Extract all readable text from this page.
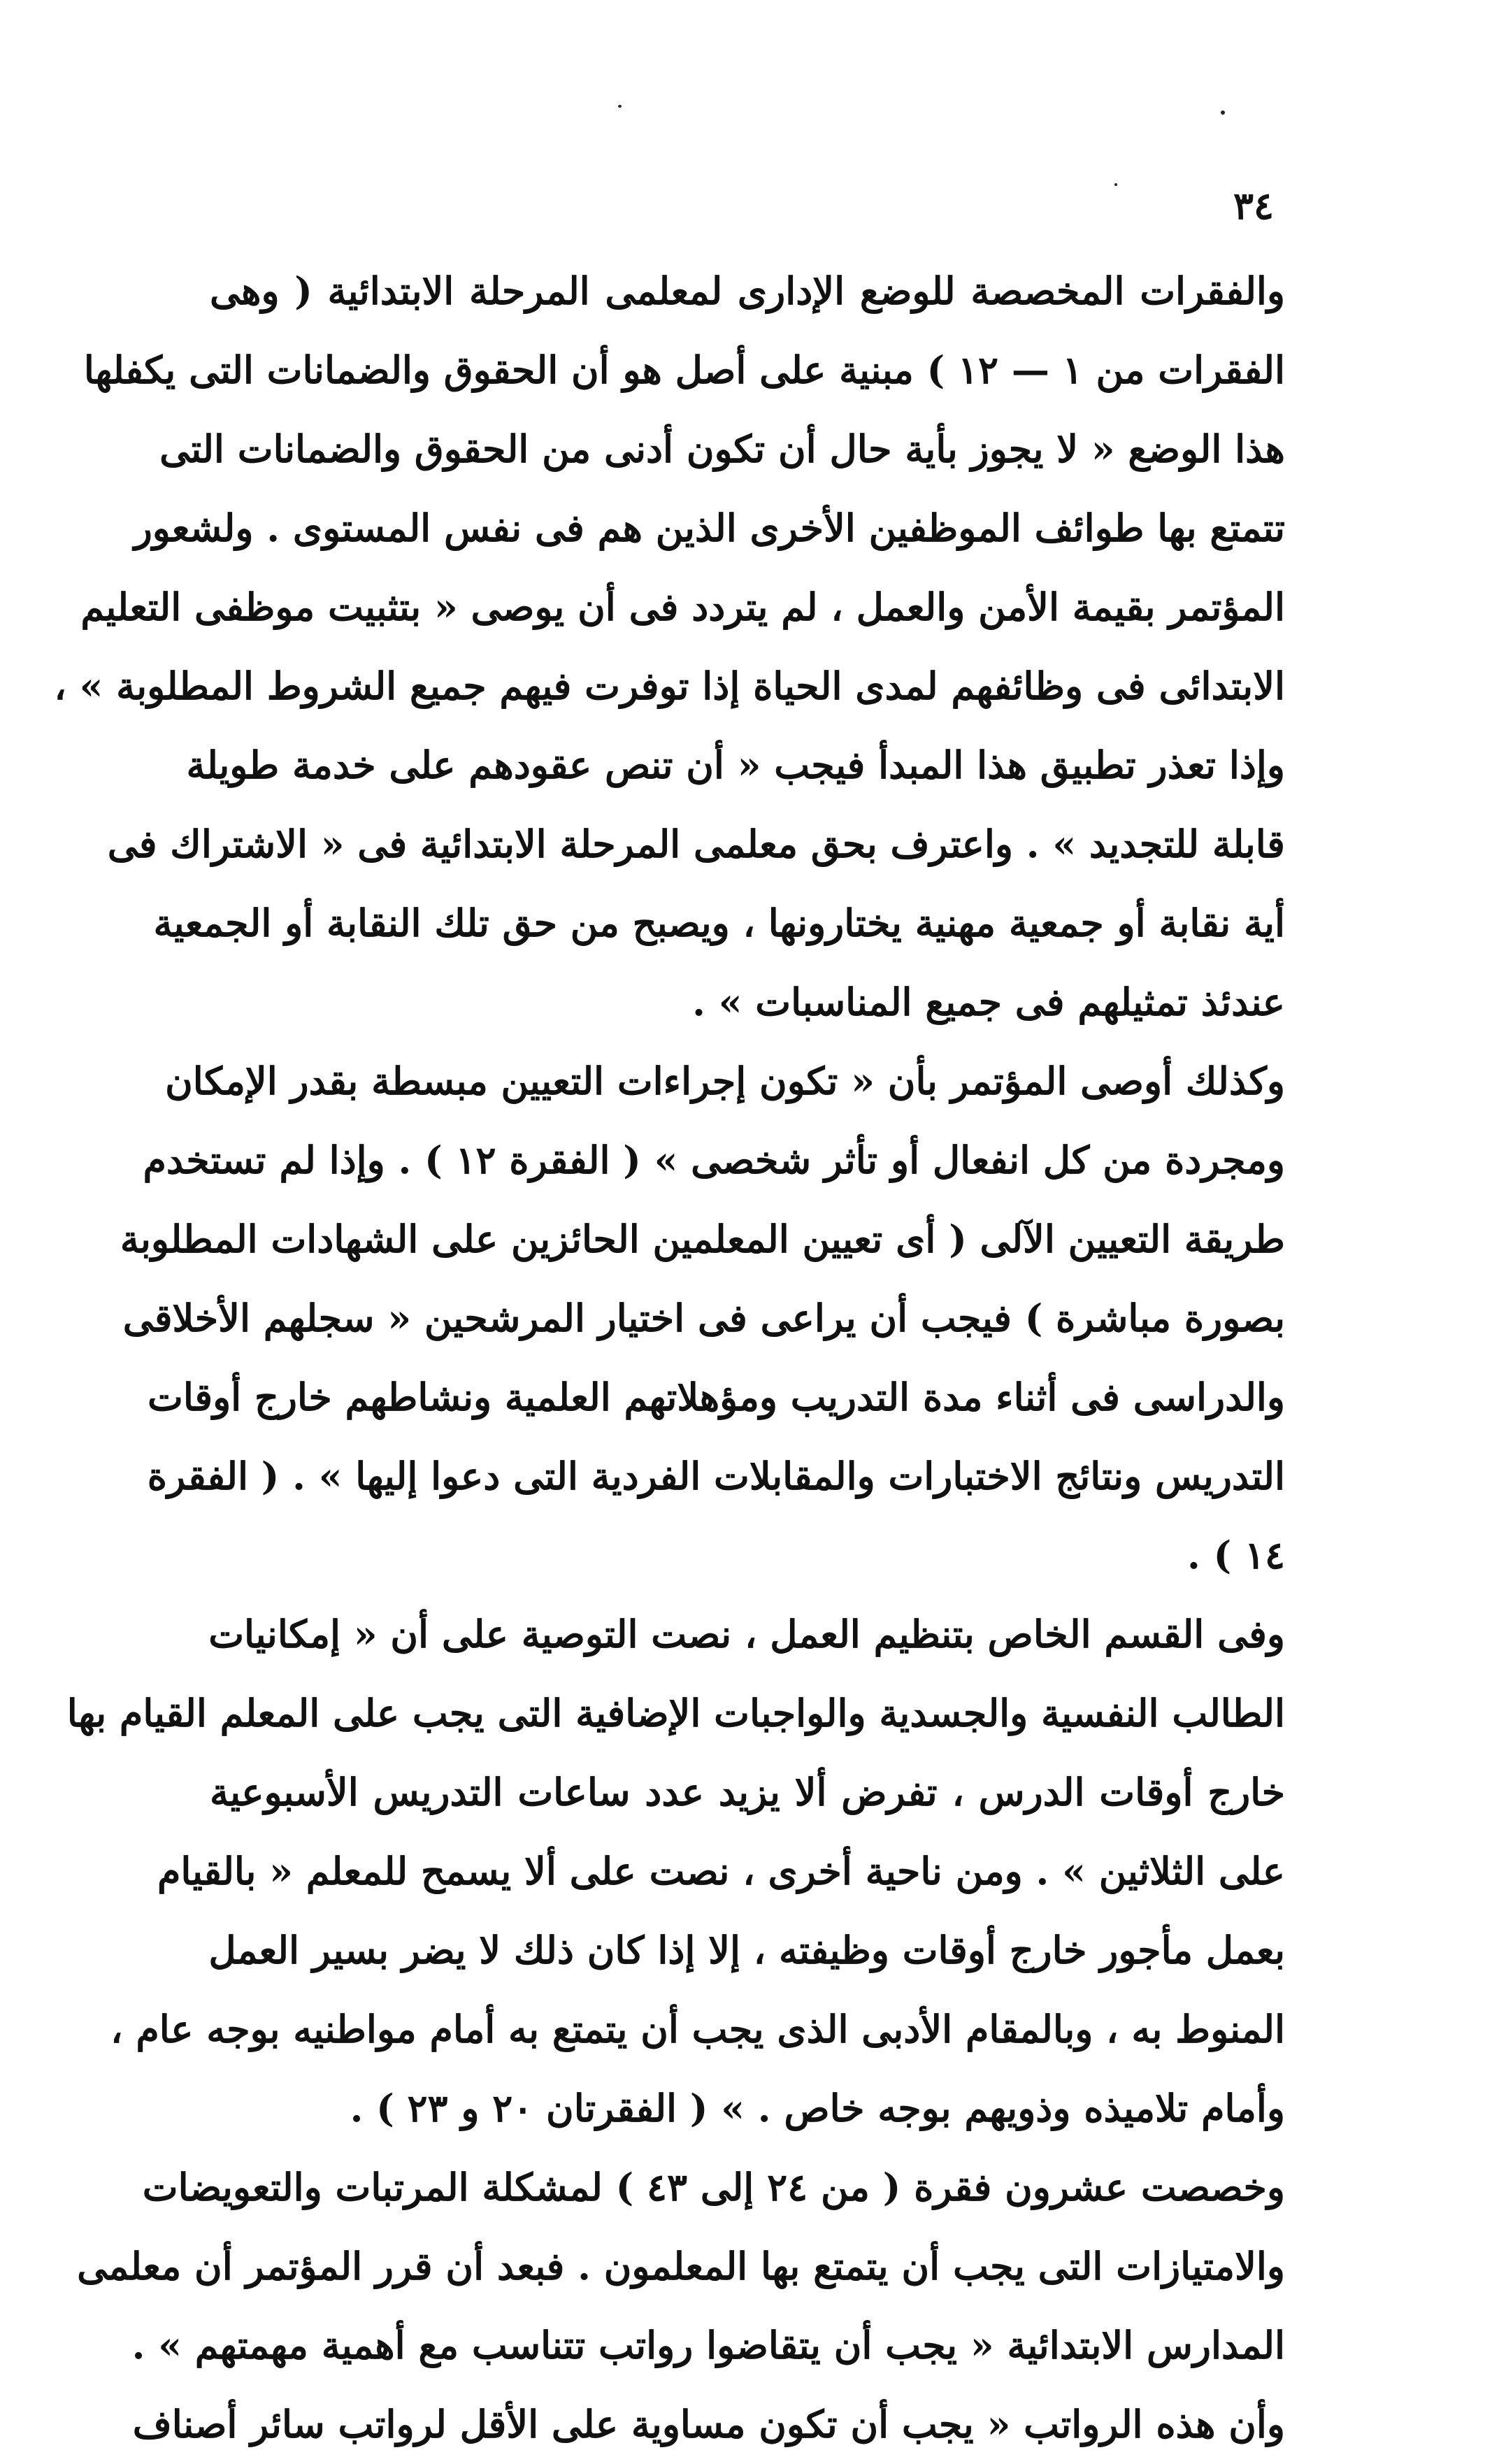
٣٤
والفقرات المخصصة للوضع الإدارى لمعلمى المرحلة الابتدائية ( وهى
الفقرات من ١ — ١٢ ) مبنية على أصل هو أن الحقوق والضمانات التى يكفلها
هذا الوضع « لا يجوز بأية حال أن تكون أدنى من الحقوق والضمانات التى
تتمتع بها طوائف الموظفين الأخرى الذين هم فى نفس المستوى . ولشعور
المؤتمر بقيمة الأمن والعمل ، لم يتردد فى أن يوصى « بتثبيت موظفى التعليم
الابتدائى فى وظائفهم لمدى الحياة إذا توفرت فيهم جميع الشروط المطلوبة » ،
وإذا تعذر تطبيق هذا المبدأ فيجب « أن تنص عقودهم على خدمة طويلة
قابلة للتجديد » . واعترف بحق معلمى المرحلة الابتدائية فى « الاشتراك فى
أية نقابة أو جمعية مهنية يختارونها ، ويصبح من حق تلك النقابة أو الجمعية
عندئذ تمثيلهم فى جميع المناسبات » .
وكذلك أوصى المؤتمر بأن « تكون إجراءات التعيين مبسطة بقدر الإمكان
ومجردة من كل انفعال أو تأثر شخصى » ( الفقرة ١٢ ) . وإذا لم تستخدم
طريقة التعيين الآلى ( أى تعيين المعلمين الحائزين على الشهادات المطلوبة
بصورة مباشرة ) فيجب أن يراعى فى اختيار المرشحين « سجلهم الأخلاقى
والدراسى فى أثناء مدة التدريب ومؤهلاتهم العلمية ونشاطهم خارج أوقات
التدريس ونتائج الاختبارات والمقابلات الفردية التى دعوا إليها » . ( الفقرة
١٤ ) .
وفى القسم الخاص بتنظيم العمل ، نصت التوصية على أن « إمكانيات
الطالب النفسية والجسدية والواجبات الإضافية التى يجب على المعلم القيام بها
خارج أوقات الدرس ، تفرض ألا يزيد عدد ساعات التدريس الأسبوعية
على الثلاثين » . ومن ناحية أخرى ، نصت على ألا يسمح للمعلم « بالقيام
بعمل مأجور خارج أوقات وظيفته ، إلا إذا كان ذلك لا يضر بسير العمل
المنوط به ، وبالمقام الأدبى الذى يجب أن يتمتع به أمام مواطنيه بوجه عام ،
وأمام تلاميذه وذويهم بوجه خاص . » ( الفقرتان ٢٠ و ٢٣ ) .
وخصصت عشرون فقرة ( من ٢٤ إلى ٤٣ ) لمشكلة المرتبات والتعويضات
والامتيازات التى يجب أن يتمتع بها المعلمون . فبعد أن قرر المؤتمر أن معلمى
المدارس الابتدائية « يجب أن يتقاضوا رواتب تتناسب مع أهمية مهمتهم » .
وأن هذه الرواتب « يجب أن تكون مساوية على الأقل لرواتب سائر أصناف
